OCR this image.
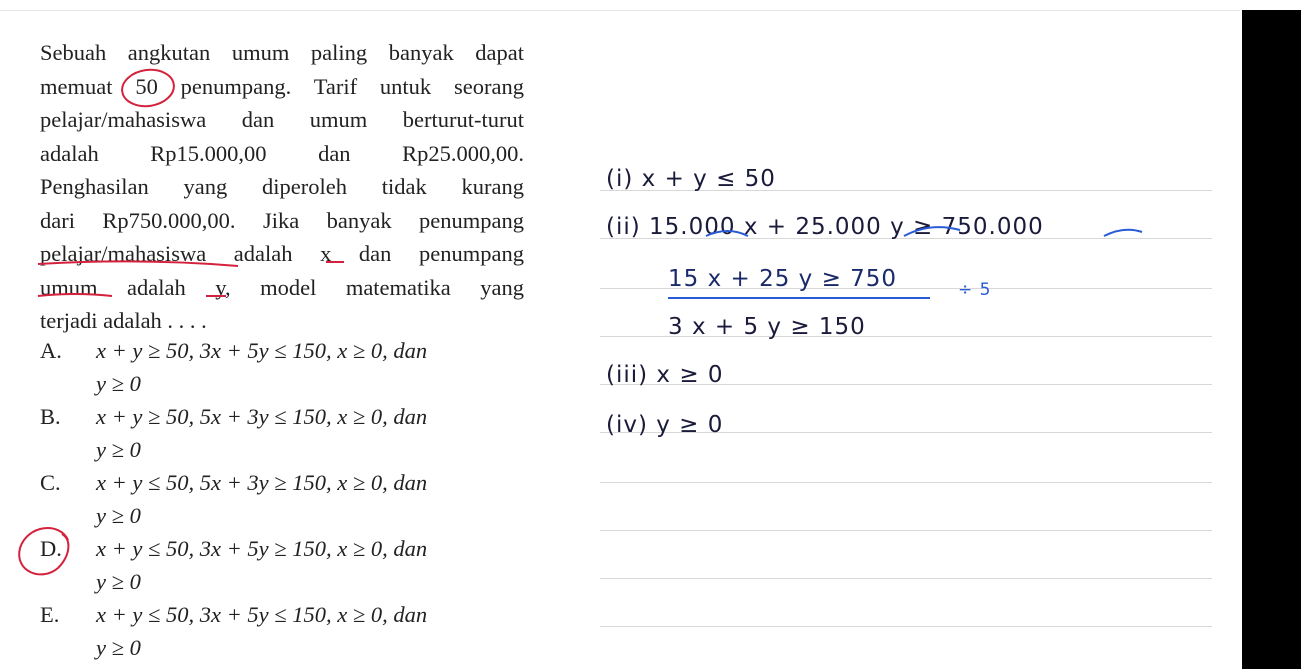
Sebuah angkutan umum paling banyak dapat
memuat 50 penumpang. Tarif untuk seorang
pelajar/mahasiswa dan umum berturut-turut
adalah Rp15.000,00 dan Rp25.000,00.
Penghasilan yang diperoleh tidak kurang
dari Rp750.000,00. Jika banyak penumpang
pelajar/mahasiswa adalah x dan penumpang
umum adalah y, model matematika yang
terjadi adalah . . . .
A. x + y ≥ 50, 3x + 5y ≤ 150, x ≥ 0, dan
y ≥ 0
B. x + y ≥ 50, 5x + 3y ≤ 150, x ≥ 0, dan
y ≥ 0
C. x + y ≤ 50, 5x + 3y ≥ 150, x ≥ 0, dan
y ≥ 0
D. x + y ≤ 50, 3x + 5y ≥ 150, x ≥ 0, dan
y ≥ 0
E. x + y ≤ 50, 3x + 5y ≤ 150, x ≥ 0, dan
y ≥ 0
(i) x + y ≤ 50
(ii) 15.000 x + 25.000 y ≥ 750.000
15 x + 25 y ≥ 750	÷ 5
3 x + 5 y ≥ 150
(iii) x ≥ 0
(iv) y ≥ 0
